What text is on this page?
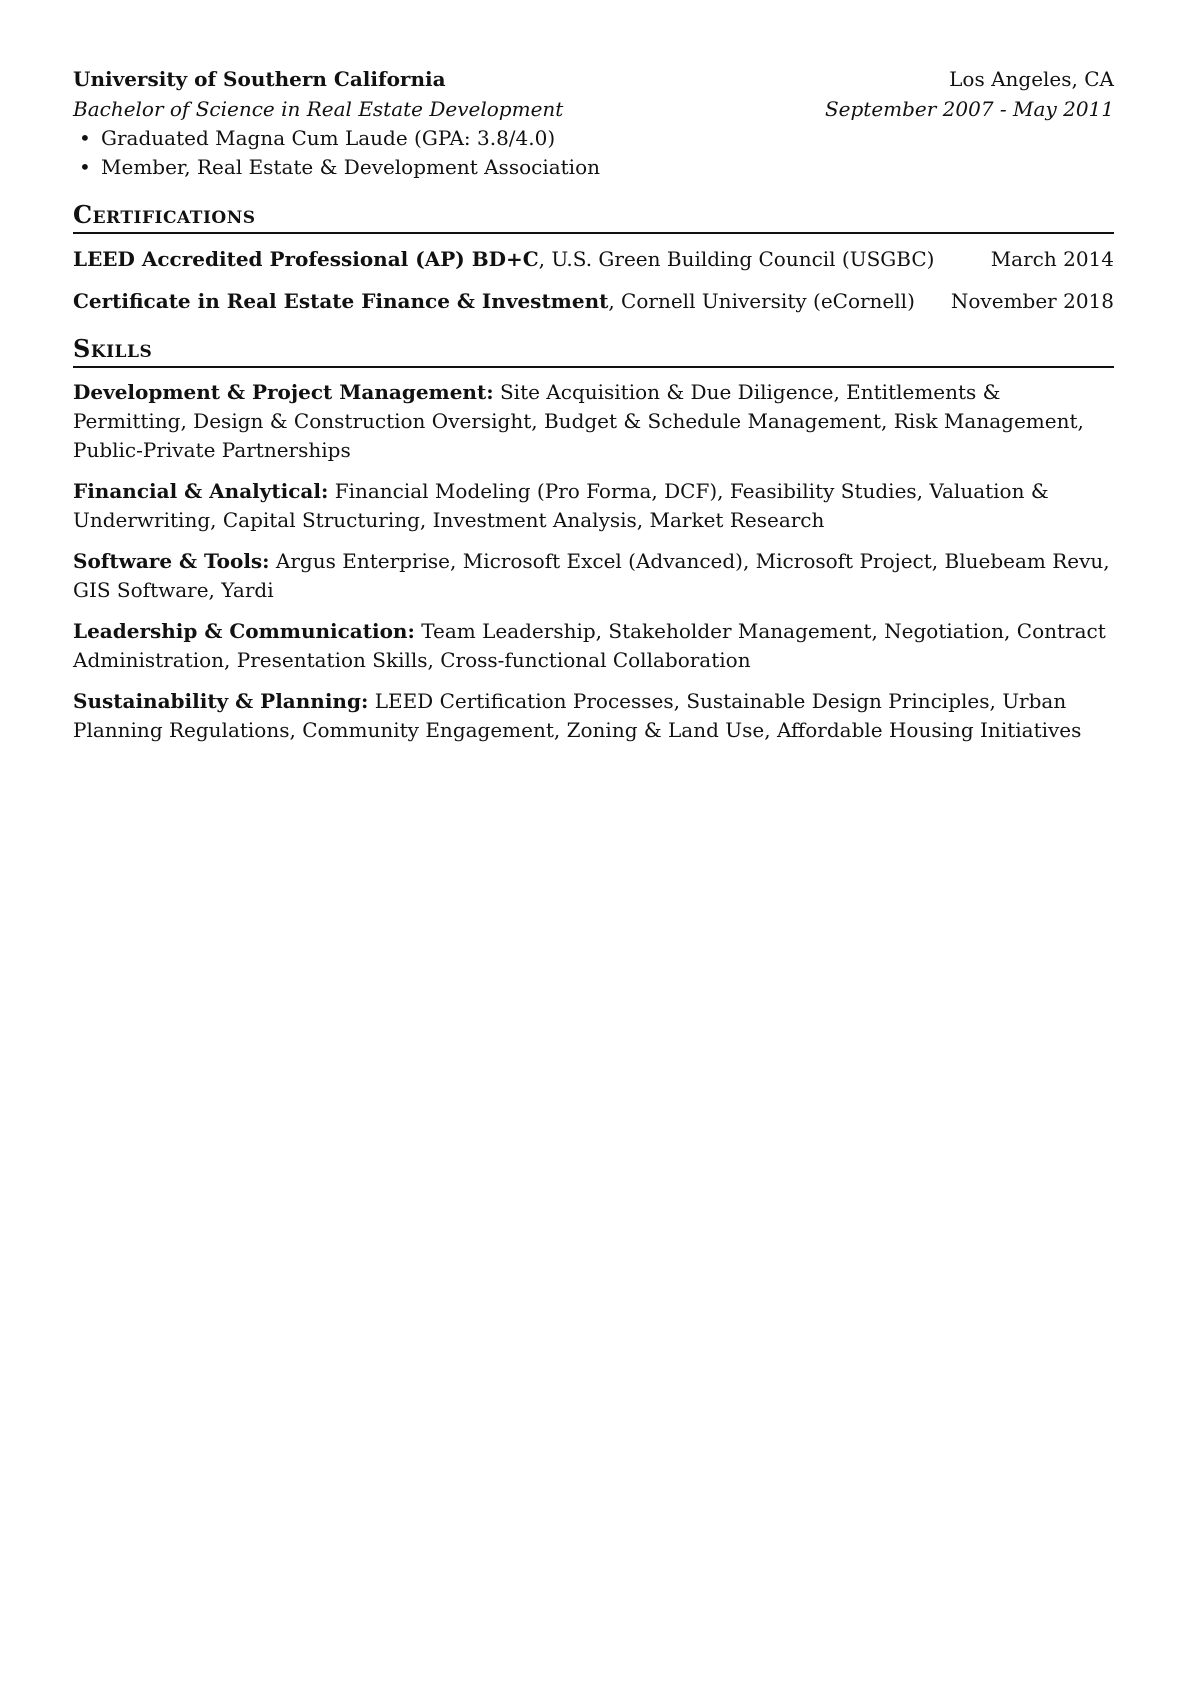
University of Southern California	Los Angeles, CA
Bachelor of Science in Real Estate Development	September 2007 - May 2011
• Graduated Magna Cum Laude (GPA: 3.8/4.0)
• Member, Real Estate & Development Association
Certifications
LEED Accredited Professional (AP) BD+C, U.S. Green Building Council (USGBC)	March 2014
Certificate in Real Estate Finance & Investment, Cornell University (eCornell) November 2018
Skills
Development & Project Management: Site Acquisition & Due Diligence, Entitlements & Permitting, Design & Construction Oversight, Budget & Schedule Management, Risk Management, Public-Private Partnerships
Financial & Analytical: Financial Modeling (Pro Forma, DCF), Feasibility Studies, Valuation & Underwriting, Capital Structuring, Investment Analysis, Market Research
Software & Tools: Argus Enterprise, Microsoft Excel (Advanced), Microsoft Project, Bluebeam Revu, GIS Software, Yardi
Leadership & Communication: Team Leadership, Stakeholder Management, Negotiation, Contract Administration, Presentation Skills, Cross-functional Collaboration
Sustainability & Planning: LEED Certification Processes, Sustainable Design Principles, Urban Planning Regulations, Community Engagement, Zoning & Land Use, Affordable Housing Initiatives
